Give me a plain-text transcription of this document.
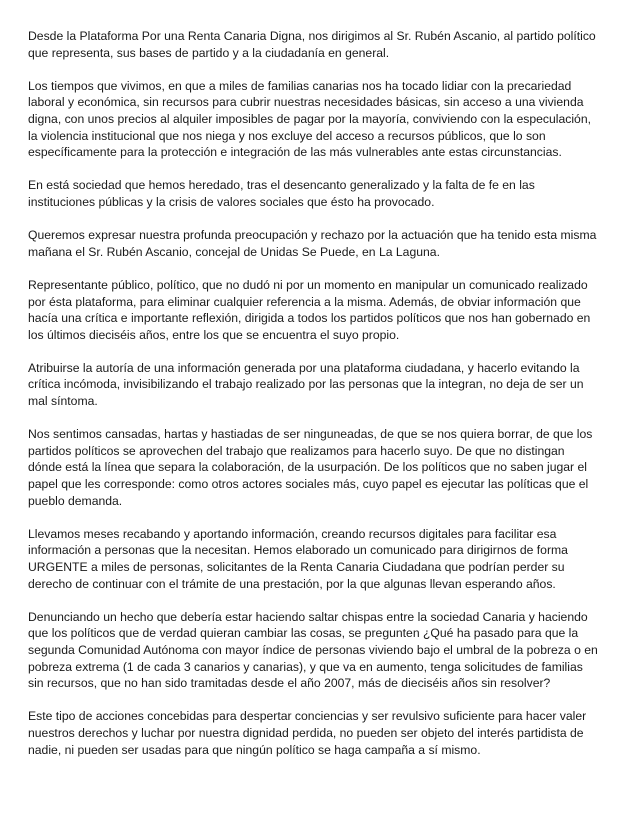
Desde la Plataforma Por una Renta Canaria Digna, nos dirigimos al Sr. Rubén Ascanio, al partido político que representa, sus bases de partido y a la ciudadanía en general.

Los tiempos que vivimos, en que a miles de familias canarias nos ha tocado lidiar con la precariedad laboral y económica, sin recursos para cubrir nuestras necesidades básicas, sin acceso a una vivienda digna, con unos precios al alquiler imposibles de pagar por la mayoría, conviviendo con la especulación, la violencia institucional que nos niega y nos excluye del acceso a recursos públicos, que lo son específicamente para la protección e integración de las más vulnerables ante estas circunstancias.

En está sociedad que hemos heredado, tras el desencanto generalizado y la falta de fe en las instituciones públicas y la crisis de valores sociales que ésto ha provocado.

Queremos expresar nuestra profunda preocupación y rechazo por la actuación que ha tenido esta misma mañana el Sr. Rubén Ascanio, concejal de Unidas Se Puede, en La Laguna.

Representante público, político, que no dudó ni por un momento en manipular un comunicado realizado por ésta plataforma, para eliminar cualquier referencia a la misma. Además, de obviar información que hacía una crítica e importante reflexión, dirigida a todos los partidos políticos que nos han gobernado en los últimos dieciséis años, entre los que se encuentra el suyo propio.

Atribuirse la autoría de una información generada por una plataforma ciudadana, y hacerlo evitando la crítica incómoda, invisibilizando el trabajo realizado por las personas que la integran, no deja de ser un mal síntoma.

Nos sentimos cansadas, hartas y hastiadas de ser ninguneadas, de que se nos quiera borrar, de que los partidos políticos se aprovechen del trabajo que realizamos para hacerlo suyo. De que no distingan dónde está la línea que separa la colaboración, de la usurpación. De los políticos que no saben jugar el papel que les corresponde: como otros actores sociales más, cuyo papel es ejecutar las políticas que el pueblo demanda.

Llevamos meses recabando y aportando información, creando recursos digitales para facilitar esa información a personas que la necesitan. Hemos elaborado un comunicado para dirigirnos de forma URGENTE a miles de personas, solicitantes de la Renta Canaria Ciudadana que podrían perder su derecho de continuar con el trámite de una prestación, por la que algunas llevan esperando años.

Denunciando un hecho que debería estar haciendo saltar chispas entre la sociedad Canaria y haciendo que los políticos que de verdad quieran cambiar las cosas, se pregunten ¿Qué ha pasado para que la segunda Comunidad Autónoma con mayor índice de personas viviendo bajo el umbral de la pobreza o en pobreza extrema (1 de cada 3 canarios y canarias), y que va en aumento, tenga solicitudes de familias sin recursos, que no han sido tramitadas desde el año 2007, más de dieciséis años sin resolver?

Este tipo de acciones concebidas para despertar conciencias y ser revulsivo suficiente para hacer valer nuestros derechos y luchar por nuestra dignidad perdida, no pueden ser objeto del interés partidista de nadie, ni pueden ser usadas para que ningún político se haga campaña a sí mismo.
